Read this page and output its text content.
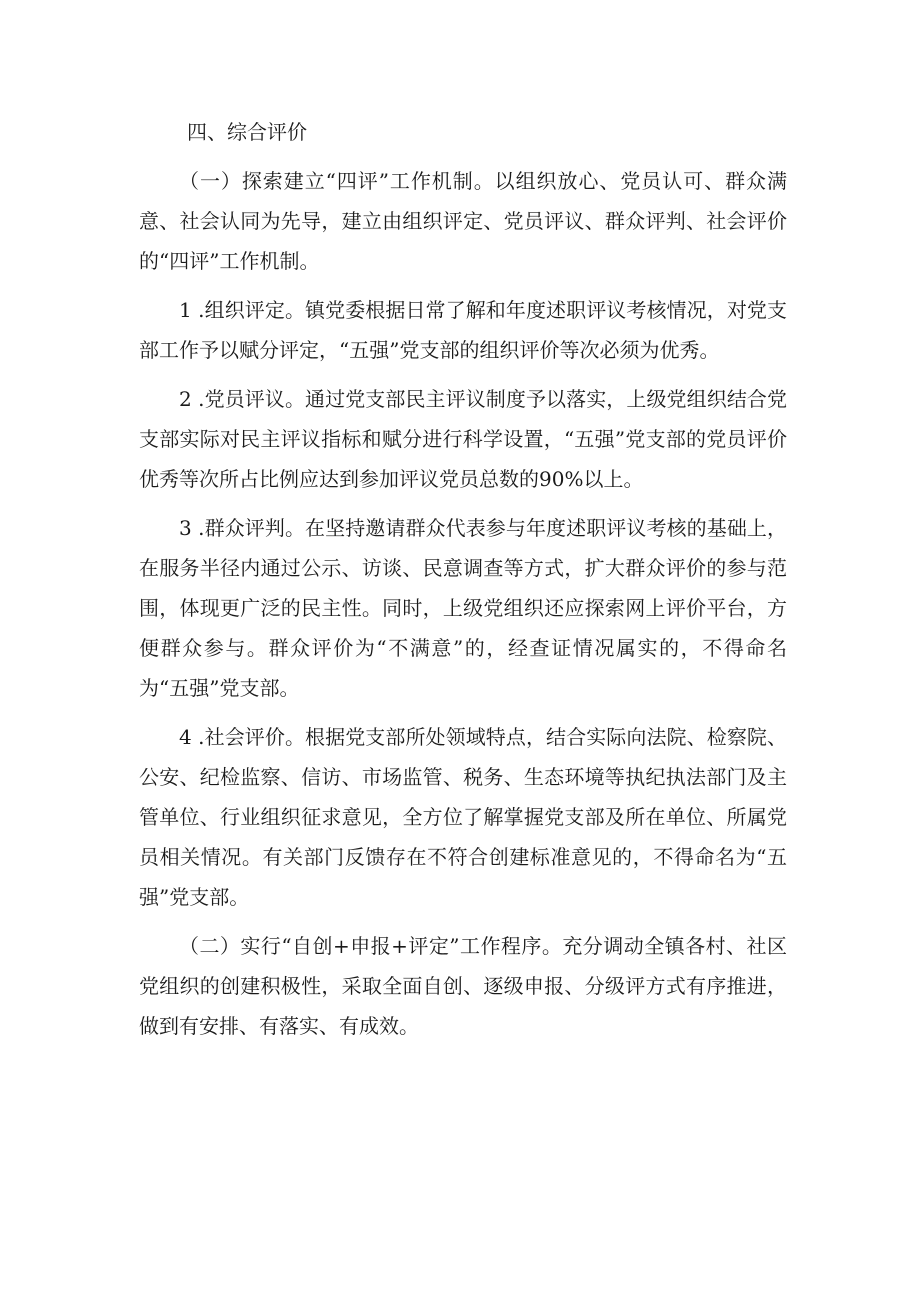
四、综合评价

（一）探索建立“四评”工作机制。以组织放心、党员认可、群众满意、社会认同为先导，建立由组织评定、党员评议、群众评判、社会评价的“四评”工作机制。

1 .组织评定。镇党委根据日常了解和年度述职评议考核情况，对党支部工作予以赋分评定，“五强”党支部的组织评价等次必须为优秀。

2 .党员评议。通过党支部民主评议制度予以落实，上级党组织结合党支部实际对民主评议指标和赋分进行科学设置，“五强”党支部的党员评价优秀等次所占比例应达到参加评议党员总数的90%以上。

3 .群众评判。在坚持邀请群众代表参与年度述职评议考核的基础上，在服务半径内通过公示、访谈、民意调查等方式，扩大群众评价的参与范围，体现更广泛的民主性。同时，上级党组织还应探索网上评价平台，方便群众参与。群众评价为“不满意”的，经查证情况属实的，不得命名为“五强”党支部。

4 .社会评价。根据党支部所处领域特点，结合实际向法院、检察院、公安、纪检监察、信访、市场监管、税务、生态环境等执纪执法部门及主管单位、行业组织征求意见，全方位了解掌握党支部及所在单位、所属党员相关情况。有关部门反馈存在不符合创建标准意见的，不得命名为“五强”党支部。

（二）实行“自创+申报+评定”工作程序。充分调动全镇各村、社区党组织的创建积极性，采取全面自创、逐级申报、分级评方式有序推进，做到有安排、有落实、有成效。
